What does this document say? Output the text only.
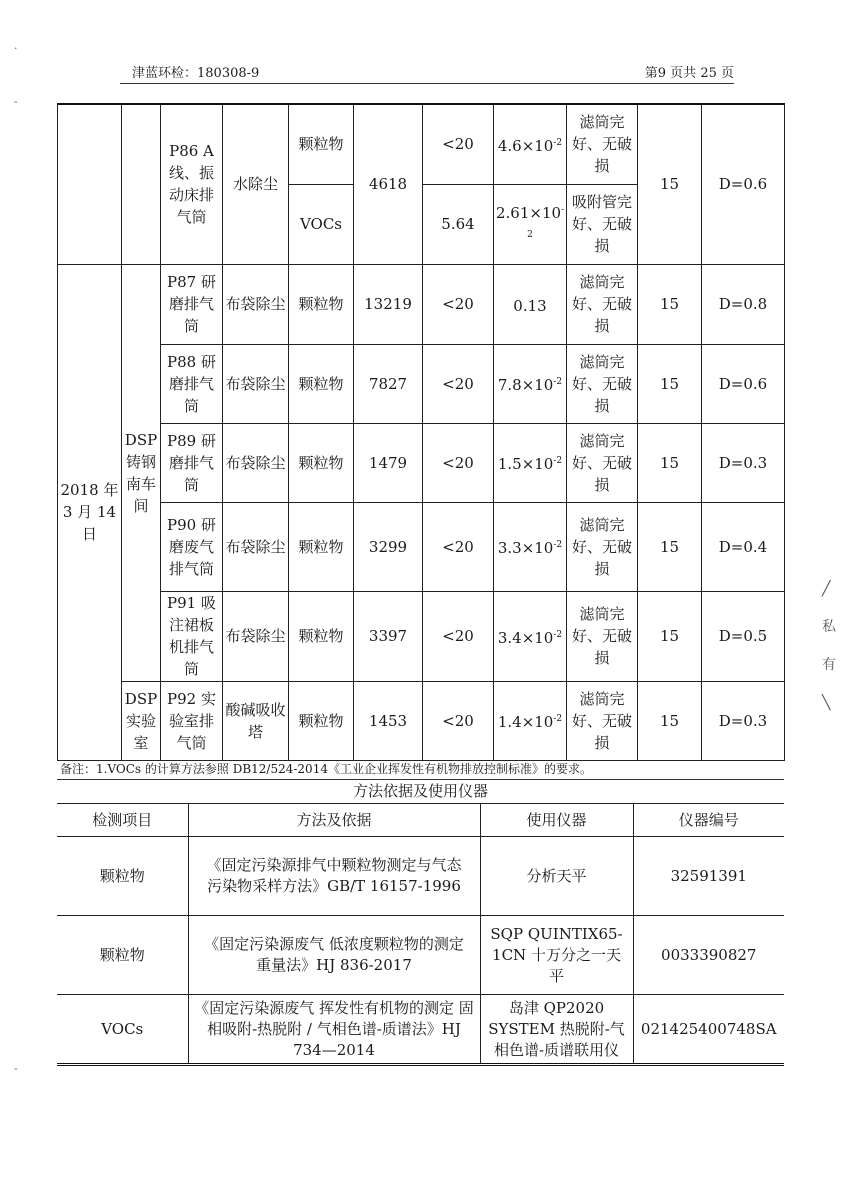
·
-
-
津蓝环检：180308-9	第9 页共 25 页
		P86 A 线、振动床排气筒	水除尘	颗粒物	4618	<20	$4.6\times 10^{-2}$	滤筒完好、无破损	15	D=0.6
				VOCs		5.64	$2.61\times 10^{-2}$	吸附管完好、无破损		
2018 年 3 月 14 日	DSP 铸钢南车间	P87 研磨排气筒	布袋除尘	颗粒物	13219	<20	0.13	滤筒完好、无破损	15	D=0.8
		P88 研磨排气筒	布袋除尘	颗粒物	7827	<20	$7.8\times 10^{-2}$	滤筒完好、无破损	15	D=0.6
		P89 研磨排气筒	布袋除尘	颗粒物	1479	<20	$1.5\times 10^{-2}$	滤筒完好、无破损	15	D=0.3
		P90 研磨废气排气筒	布袋除尘	颗粒物	3299	<20	$3.3\times 10^{-2}$	滤筒完好、无破损	15	D=0.4
		P91 吸注裙板机排气筒	布袋除尘	颗粒物	3397	<20	$3.4\times 10^{-2}$	滤筒完好、无破损	15	D=0.5
	DSP 实验室	P92 实验室排气筒	酸碱吸收塔	颗粒物	1453	<20	$1.4\times 10^{-2}$	滤筒完好、无破损	15	D=0.3
备注：1.VOCs 的计算方法参照 DB12/524-2014《工业企业挥发性有机物排放控制标准》的要求。
方法依据及使用仪器
检测项目	方法及依据	使用仪器	仪器编号
颗粒物	《固定污染源排气中颗粒物测定与气态污染物采样方法》GB/T 16157-1996	分析天平	32591391
颗粒物	《固定污染源废气 低浓度颗粒物的测定 重量法》HJ 836-2017	SQP QUINTIX65-1CN 十万分之一天平	0033390827
VOCs	《固定污染源废气 挥发性有机物的测定 固相吸附-热脱附 / 气相色谱-质谱法》HJ 734—2014	岛津 QP2020 SYSTEM 热脱附-气相色谱-质谱联用仪	021425400748SA
╱
私
有
╲
